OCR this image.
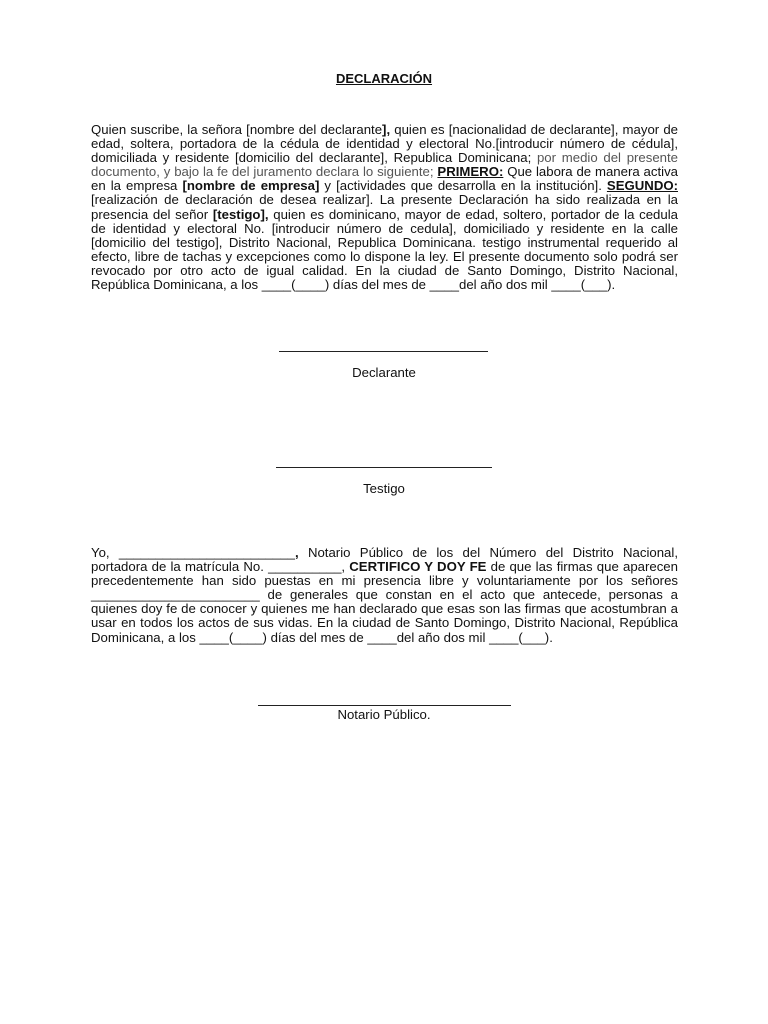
DECLARACIÓN
Quien suscribe, la señora [nombre del declarante], quien es [nacionalidad de declarante], mayor de edad, soltera, portadora de la cédula de identidad y electoral No.[introducir número de cédula], domiciliada y residente [domicilio del declarante], Republica Dominicana; por medio del presente documento, y bajo la fe del juramento declara lo siguiente; PRIMERO: Que labora de manera activa en la empresa [nombre de empresa] y [actividades que desarrolla en la institución]. SEGUNDO: [realización de declaración de desea realizar]. La presente Declaración ha sido realizada en la presencia del señor [testigo], quien es dominicano, mayor de edad, soltero, portador de la cedula de identidad y electoral No. [introducir número de cedula], domiciliado y residente en la calle [domicilio del testigo], Distrito Nacional, Republica Dominicana. testigo instrumental requerido al efecto, libre de tachas y excepciones como lo dispone la ley. El presente documento solo podrá ser revocado por otro acto de igual calidad. En la ciudad de Santo Domingo, Distrito Nacional, República Dominicana, a los ____(____) días del mes de ____del año dos mil ____(___).
Declarante
Testigo
Yo, ________________________, Notario Público de los del Número del Distrito Nacional, portadora de la matrícula No. __________, CERTIFICO Y DOY FE de que las firmas que aparecen precedentemente han sido puestas en mi presencia libre y voluntariamente por los señores _______________________ de generales que constan en el acto que antecede, personas a quienes doy fe de conocer y quienes me han declarado que esas son las firmas que acostumbran a usar en todos los actos de sus vidas. En la ciudad de Santo Domingo, Distrito Nacional, República Dominicana, a los ____(____) días del mes de ____del año dos mil ____(___).
Notario Público.
